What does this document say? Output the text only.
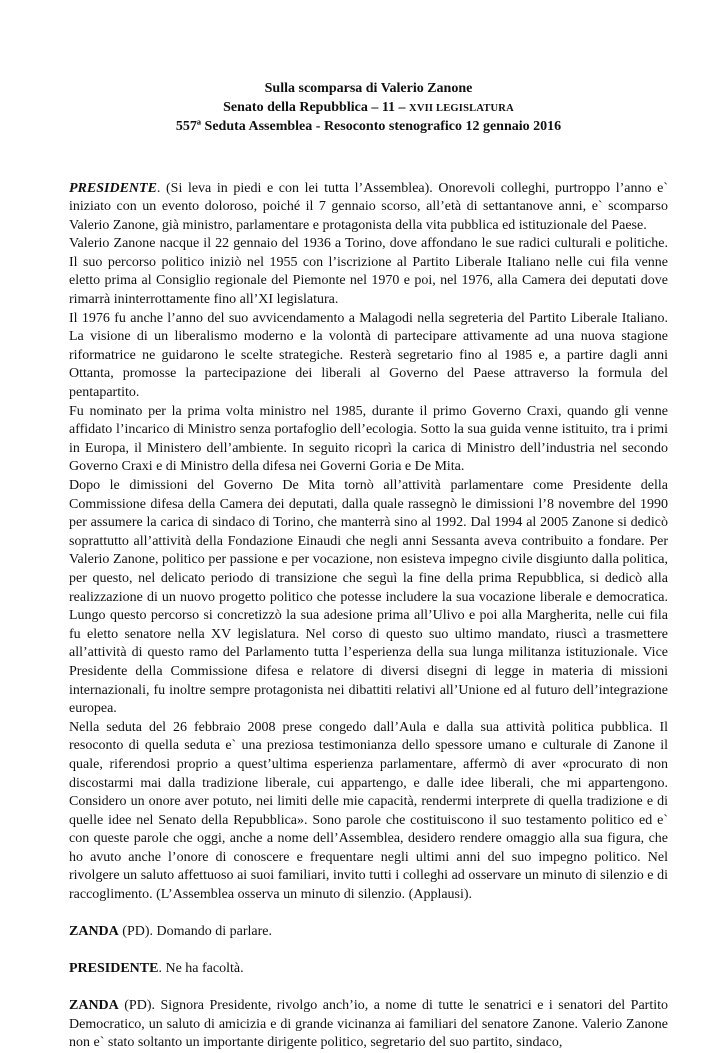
Sulla scomparsa di Valerio Zanone
Senato della Repubblica – 11 – XVII LEGISLATURA
557ª Seduta Assemblea - Resoconto stenografico 12 gennaio 2016

PRESIDENTE. (Si leva in piedi e con lei tutta l’Assemblea). Onorevoli colleghi, purtroppo l’anno e` iniziato con un evento doloroso, poiché il 7 gennaio scorso, all’età di settantanove anni, e` scomparso Valerio Zanone, già ministro, parlamentare e protagonista della vita pubblica ed istituzionale del Paese.

Valerio Zanone nacque il 22 gennaio del 1936 a Torino, dove affondano le sue radici culturali e politiche. Il suo percorso politico iniziò nel 1955 con l’iscrizione al Partito Liberale Italiano nelle cui fila venne eletto prima al Consiglio regionale del Piemonte nel 1970 e poi, nel 1976, alla Camera dei deputati dove rimarrà ininterrottamente fino all’XI legislatura.

Il 1976 fu anche l’anno del suo avvicendamento a Malagodi nella segreteria del Partito Liberale Italiano. La visione di un liberalismo moderno e la volontà di partecipare attivamente ad una nuova stagione riformatrice ne guidarono le scelte strategiche. Resterà segretario fino al 1985 e, a partire dagli anni Ottanta, promosse la partecipazione dei liberali al Governo del Paese attraverso la formula del pentapartito.

Fu nominato per la prima volta ministro nel 1985, durante il primo Governo Craxi, quando gli venne affidato l’incarico di Ministro senza portafoglio dell’ecologia. Sotto la sua guida venne istituito, tra i primi in Europa, il Ministero dell’ambiente. In seguito ricoprì la carica di Ministro dell’industria nel secondo Governo Craxi e di Ministro della difesa nei Governi Goria e De Mita.

Dopo le dimissioni del Governo De Mita tornò all’attività parlamentare come Presidente della Commissione difesa della Camera dei deputati, dalla quale rassegnò le dimissioni l’8 novembre del 1990 per assumere la carica di sindaco di Torino, che manterrà sino al 1992. Dal 1994 al 2005 Zanone si dedicò soprattutto all’attività della Fondazione Einaudi che negli anni Sessanta aveva contribuito a fondare. Per Valerio Zanone, politico per passione e per vocazione, non esisteva impegno civile disgiunto dalla politica, per questo, nel delicato periodo di transizione che seguì la fine della prima Repubblica, si dedicò alla realizzazione di un nuovo progetto politico che potesse includere la sua vocazione liberale e democratica. Lungo questo percorso si concretizzò la sua adesione prima all’Ulivo e poi alla Margherita, nelle cui fila fu eletto senatore nella XV legislatura. Nel corso di questo suo ultimo mandato, riuscì a trasmettere all’attività di questo ramo del Parlamento tutta l’esperienza della sua lunga militanza istituzionale. Vice Presidente della Commissione difesa e relatore di diversi disegni di legge in materia di missioni internazionali, fu inoltre sempre protagonista nei dibattiti relativi all’Unione ed al futuro dell’integrazione europea.

Nella seduta del 26 febbraio 2008 prese congedo dall’Aula e dalla sua attività politica pubblica. Il resoconto di quella seduta e` una preziosa testimonianza dello spessore umano e culturale di Zanone il quale, riferendosi proprio a quest’ultima esperienza parlamentare, affermò di aver «procurato di non discostarmi mai dalla tradizione liberale, cui appartengo, e dalle idee liberali, che mi appartengono. Considero un onore aver potuto, nei limiti delle mie capacità, rendermi interprete di quella tradizione e di quelle idee nel Senato della Repubblica». Sono parole che costituiscono il suo testamento politico ed e` con queste parole che oggi, anche a nome dell’Assemblea, desidero rendere omaggio alla sua figura, che ho avuto anche l’onore di conoscere e frequentare negli ultimi anni del suo impegno politico. Nel rivolgere un saluto affettuoso ai suoi familiari, invito tutti i colleghi ad osservare un minuto di silenzio e di raccoglimento. (L’Assemblea osserva un minuto di silenzio. (Applausi).

ZANDA (PD). Domando di parlare.

PRESIDENTE. Ne ha facoltà.

ZANDA (PD). Signora Presidente, rivolgo anch’io, a nome di tutte le senatrici e i senatori del Partito Democratico, un saluto di amicizia e di grande vicinanza ai familiari del senatore Zanone. Valerio Zanone non e` stato soltanto un importante dirigente politico, segretario del suo partito, sindaco,
